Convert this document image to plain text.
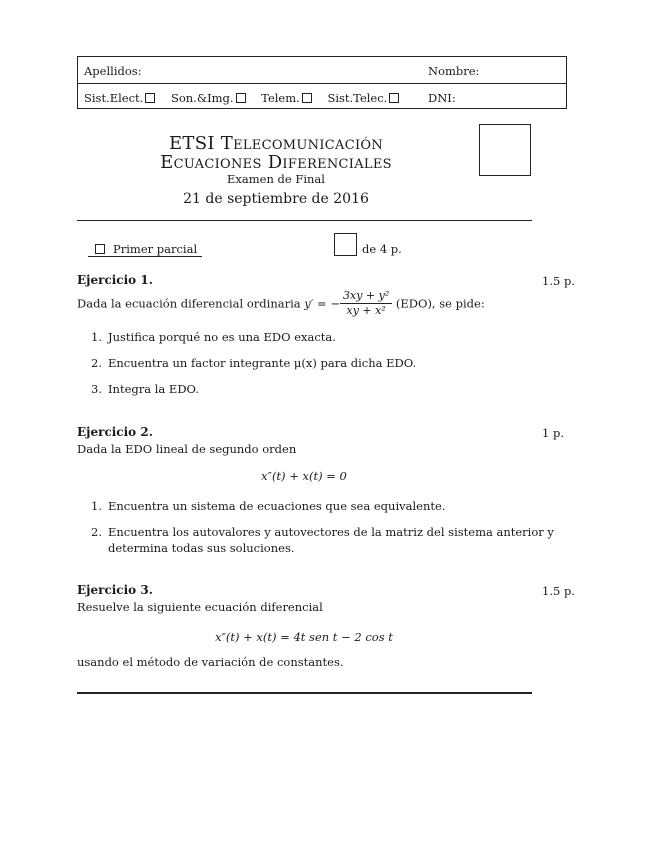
Apellidos:	Nombre:
Sist.Elect. Son.&Img. Telem. Sist.Telec.	DNI:
ETSI Telecomunicación
Ecuaciones Diferenciales
Examen de Final
21 de septiembre de 2016
Primer parcial	de 4 p.
Ejercicio 1.	1.5 p.
Dada la ecuación diferencial ordinaria y′ = − $\frac{\text{3xy + y²}}{\text{xy + x²}} (EDO)$, se pide:
1. Justifica porqué no es una EDO exacta.
2. Encuentra un factor integrante μ(x) para dicha EDO.
3. Integra la EDO.
Ejercicio 2.	1 p.
Dada la EDO lineal de segundo orden
x″(t) + x(t) = 0
1. Encuentra un sistema de ecuaciones que sea equivalente.
2. Encuentra los autovalores y autovectores de la matriz del sistema anterior y
determina todas sus soluciones.
Ejercicio 3.	1.5 p.
Resuelve la siguiente ecuación diferencial
x″(t) + x(t) = 4t sen t − 2 cos t
usando el método de variación de constantes.
